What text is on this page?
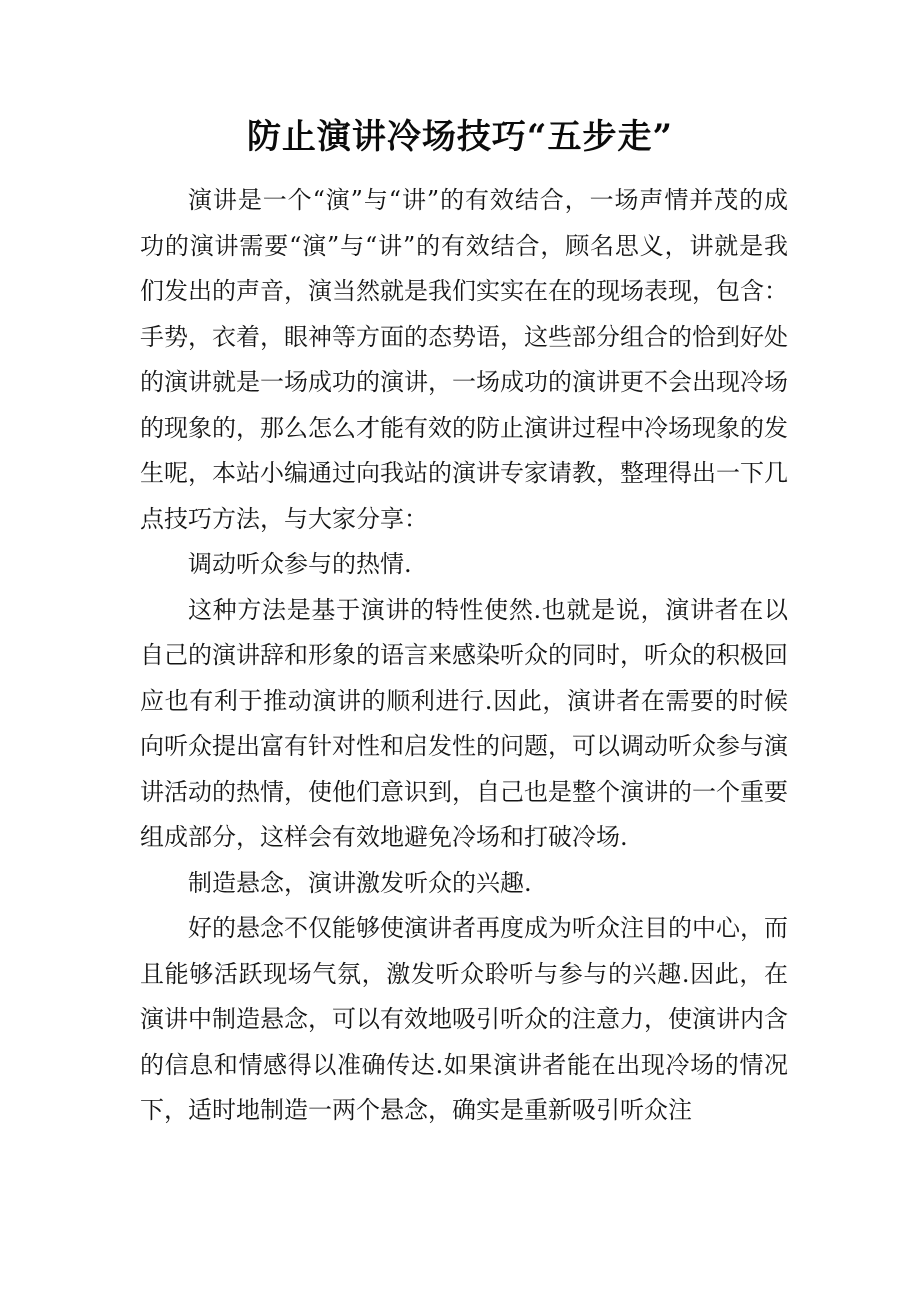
防止演讲冷场技巧“五步走”

演讲是一个“演”与“讲”的有效结合，一场声情并茂的成功的演讲需要“演”与“讲”的有效结合，顾名思义，讲就是我们发出的声音，演当然就是我们实实在在的现场表现，包含：手势，衣着，眼神等方面的态势语，这些部分组合的恰到好处的演讲就是一场成功的演讲，一场成功的演讲更不会出现冷场的现象的，那么怎么才能有效的防止演讲过程中冷场现象的发生呢，本站小编通过向我站的演讲专家请教，整理得出一下几点技巧方法，与大家分享：

调动听众参与的热情.

这种方法是基于演讲的特性使然.也就是说，演讲者在以自己的演讲辞和形象的语言来感染听众的同时，听众的积极回应也有利于推动演讲的顺利进行.因此，演讲者在需要的时候向听众提出富有针对性和启发性的问题，可以调动听众参与演讲活动的热情，使他们意识到，自己也是整个演讲的一个重要组成部分，这样会有效地避免冷场和打破冷场.

制造悬念，演讲激发听众的兴趣.

好的悬念不仅能够使演讲者再度成为听众注目的中心，而且能够活跃现场气氛，激发听众聆听与参与的兴趣.因此，在演讲中制造悬念，可以有效地吸引听众的注意力，使演讲内含的信息和情感得以准确传达.如果演讲者能在出现冷场的情况下，适时地制造一两个悬念，确实是重新吸引听众注
